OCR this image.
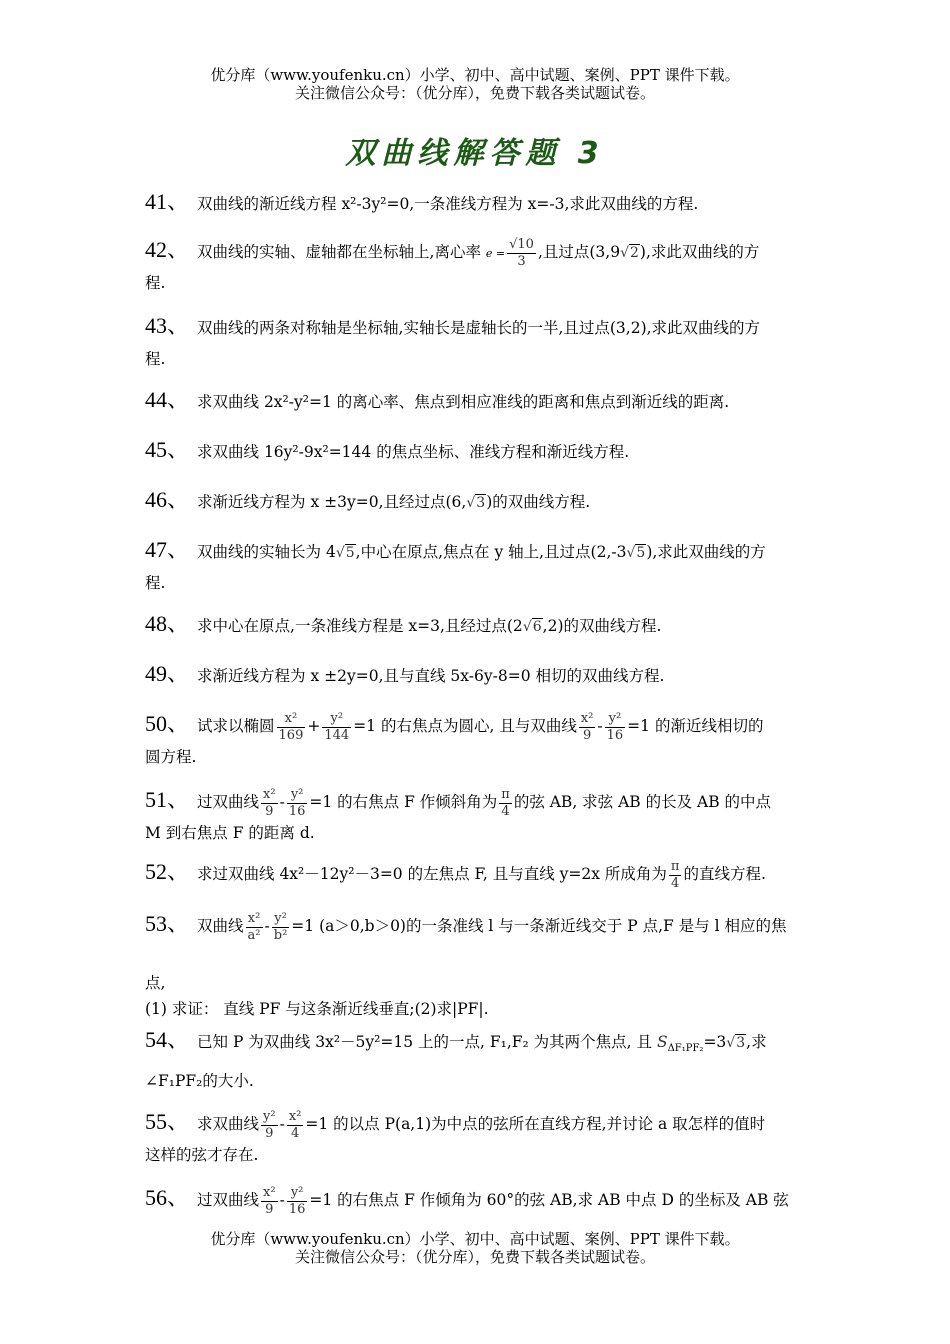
优分库（www.youfenku.cn）小学、初中、高中试题、案例、PPT 课件下载。
关注微信公众号：（优分库），免费下载各类试题试卷。
双曲线解答题 3
41、 双曲线的渐近线方程 x²-3y²=0,一条准线方程为 x=-3,求此双曲线的方程.
42、 双曲线的实轴、虚轴都在坐标轴上,离心率 $e = \frac{√10}{3}$ ,且过点(3,9√2),求此双曲线的方
程.
43、 双曲线的两条对称轴是坐标轴,实轴长是虚轴长的一半,且过点(3,2),求此双曲线的方
程.
44、 求双曲线 2x²-y²=1 的离心率、焦点到相应准线的距离和焦点到渐近线的距离.
45、 求双曲线 16y²-9x²=144 的焦点坐标、准线方程和渐近线方程.
46、 求渐近线方程为 x ±3y=0,且经过点(6,√3)的双曲线方程.
47、 双曲线的实轴长为 4√5,中心在原点,焦点在 y 轴上,且过点(2,-3√5),求此双曲线的方
程.
48、 求中心在原点,一条准线方程是 x=3,且经过点(2√6,2)的双曲线方程.
49、 求渐近线方程为 x ±2y=0,且与直线 5x-6y-8=0 相切的双曲线方程.
50、 试求以椭圆 $\frac{\text{x²}}{169} + \frac{\text{y²}}{144} =1$ 的右焦点为圆心, 且与双曲线 $\frac{\text{x²}}{9} - \frac{\text{y²}}{16} =1$ 的渐近线相切的
圆方程.
51、 过双曲线 $\frac{\text{x²}}{9} - \frac{\text{y²}}{16} =1$ 的右焦点 F 作倾斜角为 $\frac{\pi}{4}$ 的弦 AB, 求弦 AB 的长及 AB 的中点
M 到右焦点 F 的距离 d.
52、 求过双曲线 4x²－12y²－3=0 的左焦点 F, 且与直线 y=2x 所成角为 $\frac{\pi}{4}$ 的直线方程.
53、 双曲线 $\frac{\text{x²}}{\text{a²}} - \frac{\text{y²}}{\text{b²}} =1$ (a＞0,b＞0)的一条准线 l 与一条渐近线交于 P 点,F 是与 l 相应的焦
点,
(1) 求证： 直线 PF 与这条渐近线垂直;(2)求|PF|.
54、 已知 P 为双曲线 3x²－5y²=15 上的一点, F₁,F₂ 为其两个焦点, 且 $S_{\Delta F_1PF_2}=3√3$,求
∠F₁PF₂的大小.
55、 求双曲线 $\frac{\text{y²}}{9} - \frac{\text{x²}}{4} =1$ 的以点 P(a,1)为中点的弦所在直线方程,并讨论 a 取怎样的值时
这样的弦才存在.
56、 过双曲线 $\frac{\text{x²}}{9} - \frac{\text{y²}}{16} =1$ 的右焦点 F 作倾角为 60°的弦 AB,求 AB 中点 D 的坐标及 AB 弦
优分库（www.youfenku.cn）小学、初中、高中试题、案例、PPT 课件下载。
关注微信公众号：（优分库），免费下载各类试题试卷。
